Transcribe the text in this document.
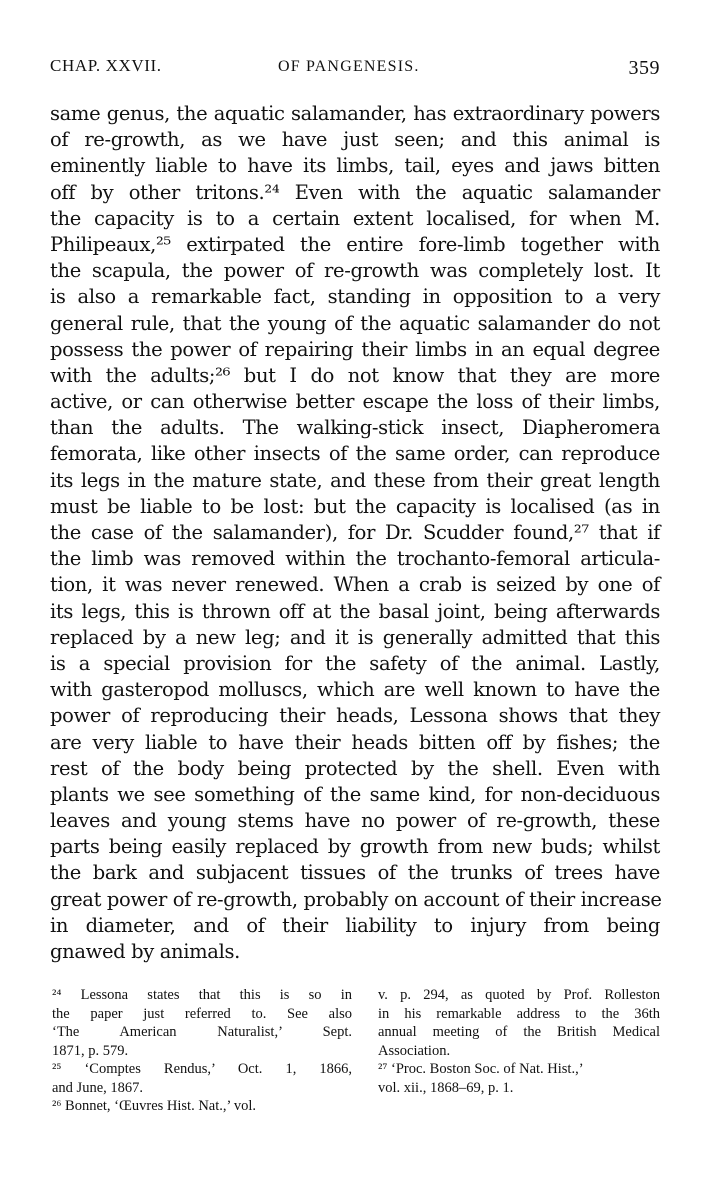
CHAP. XXVII.	OF PANGENESIS.	359
same genus, the aquatic salamander, has extraordinary powers
of re-growth, as we have just seen; and this animal is
eminently liable to have its limbs, tail, eyes and jaws bitten
off by other tritons.²⁴ Even with the aquatic salamander
the capacity is to a certain extent localised, for when M.
Philipeaux,²⁵ extirpated the entire fore-limb together with
the scapula, the power of re-growth was completely lost. It
is also a remarkable fact, standing in opposition to a very
general rule, that the young of the aquatic salamander do not
possess the power of repairing their limbs in an equal degree
with the adults;²⁶ but I do not know that they are more
active, or can otherwise better escape the loss of their limbs,
than the adults. The walking-stick insect, Diapheromera
femorata, like other insects of the same order, can reproduce
its legs in the mature state, and these from their great length
must be liable to be lost: but the capacity is localised (as in
the case of the salamander), for Dr. Scudder found,²⁷ that if
the limb was removed within the trochanto-femoral articula-
tion, it was never renewed. When a crab is seized by one of
its legs, this is thrown off at the basal joint, being afterwards
replaced by a new leg; and it is generally admitted that this
is a special provision for the safety of the animal. Lastly,
with gasteropod molluscs, which are well known to have the
power of reproducing their heads, Lessona shows that they
are very liable to have their heads bitten off by fishes; the
rest of the body being protected by the shell. Even with
plants we see something of the same kind, for non-deciduous
leaves and young stems have no power of re-growth, these
parts being easily replaced by growth from new buds; whilst
the bark and subjacent tissues of the trunks of trees have
great power of re-growth, probably on account of their increase
in diameter, and of their liability to injury from being
gnawed by animals.
²⁴ Lessona states that this is so in
the paper just referred to. See also
‘The American Naturalist,’ Sept.
1871, p. 579.
²⁵ ‘Comptes Rendus,’ Oct. 1, 1866,
and June, 1867.
²⁶ Bonnet, ‘Œuvres Hist. Nat.,’ vol.
v. p. 294, as quoted by Prof. Rolleston
in his remarkable address to the 36th
annual meeting of the British Medical
Association.
²⁷ ‘Proc. Boston Soc. of Nat. Hist.,’
vol. xii., 1868–69, p. 1.
